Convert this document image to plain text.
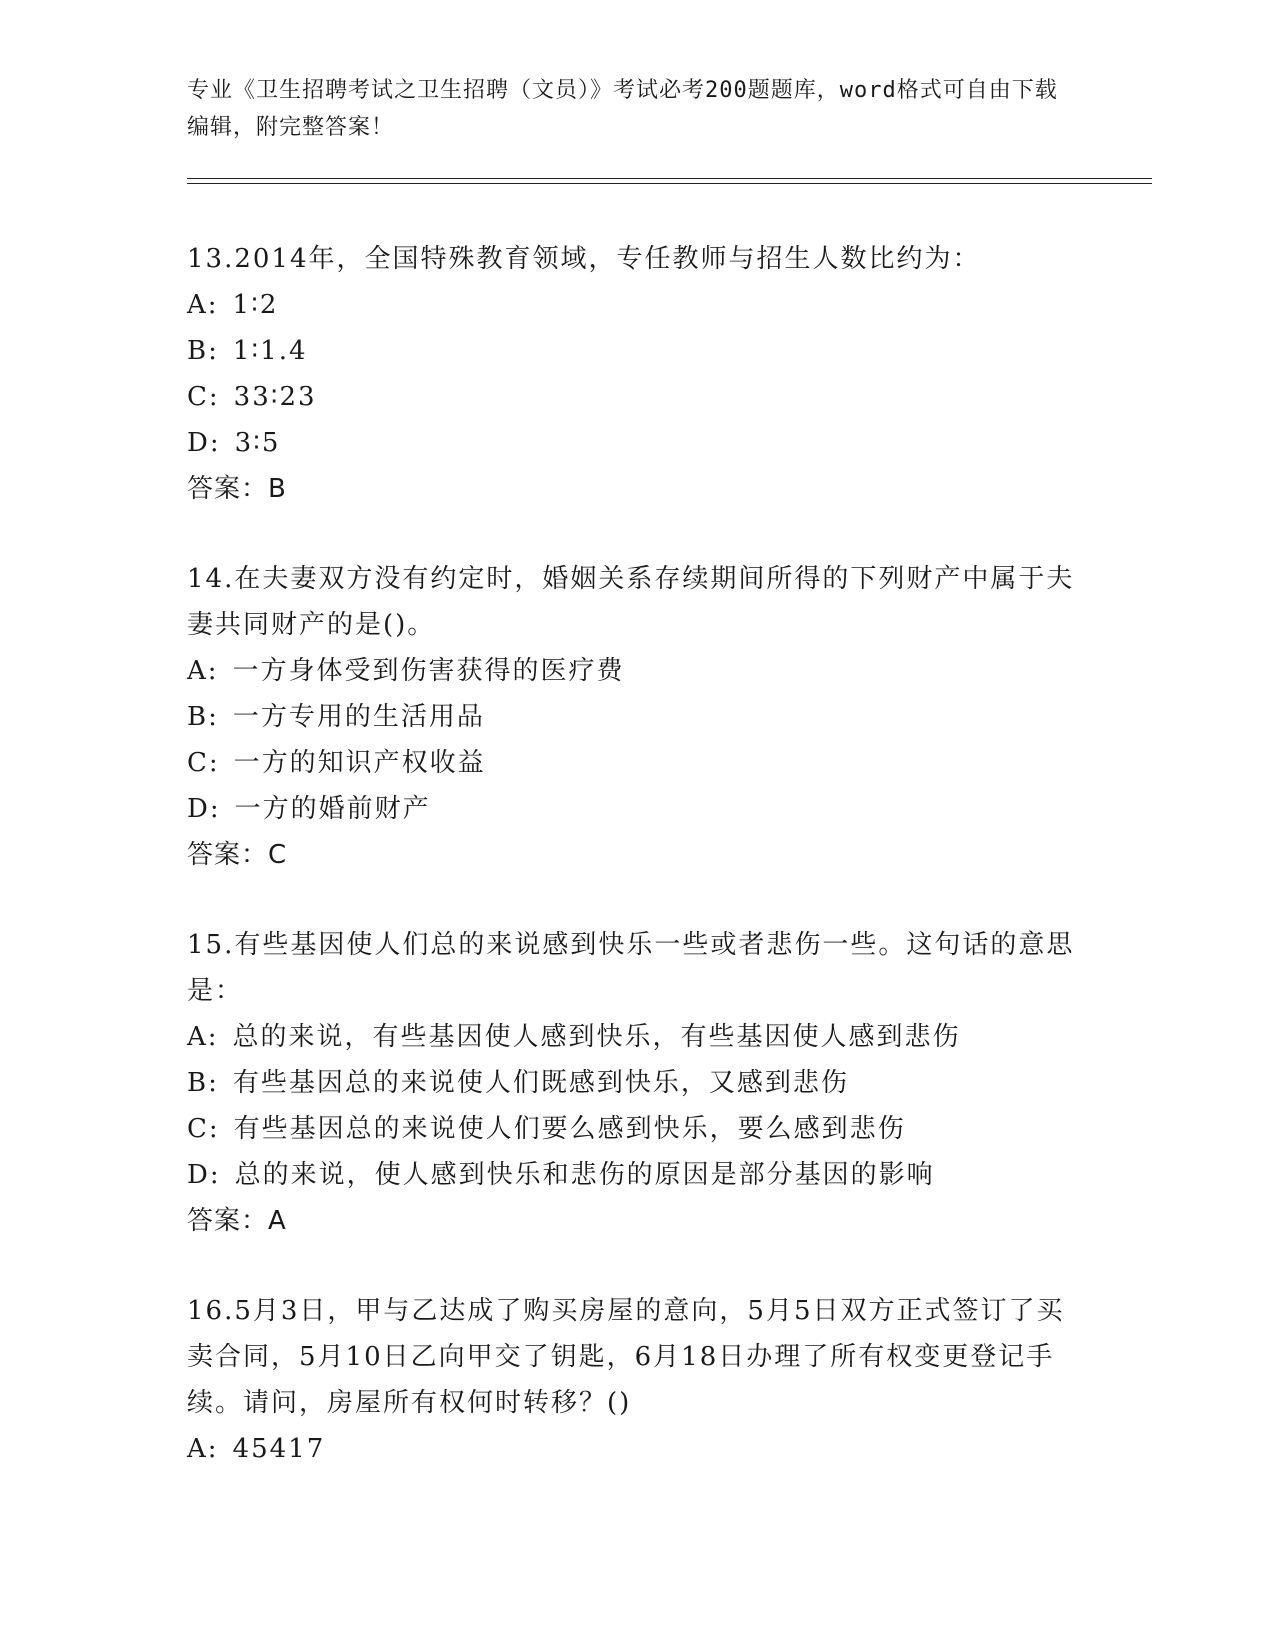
专业《卫生招聘考试之卫生招聘（文员）》考试必考200题题库，word格式可自由下载编辑，附完整答案！
13.2014年，全国特殊教育领域，专任教师与招生人数比约为：
A: 1∶2
B: 1∶1.4
C: 33∶23
D: 3∶5
答案：B
14.在夫妻双方没有约定时，婚姻关系存续期间所得的下列财产中属于夫妻共同财产的是()。
A: 一方身体受到伤害获得的医疗费
B: 一方专用的生活用品
C: 一方的知识产权收益
D: 一方的婚前财产
答案：C
15.有些基因使人们总的来说感到快乐一些或者悲伤一些。这句话的意思是：
A: 总的来说，有些基因使人感到快乐，有些基因使人感到悲伤
B: 有些基因总的来说使人们既感到快乐，又感到悲伤
C: 有些基因总的来说使人们要么感到快乐，要么感到悲伤
D: 总的来说，使人感到快乐和悲伤的原因是部分基因的影响
答案：A
16.5月3日，甲与乙达成了购买房屋的意向，5月5日双方正式签订了买卖合同，5月10日乙向甲交了钥匙，6月18日办理了所有权变更登记手续。请问，房屋所有权何时转移？()
A: 45417
